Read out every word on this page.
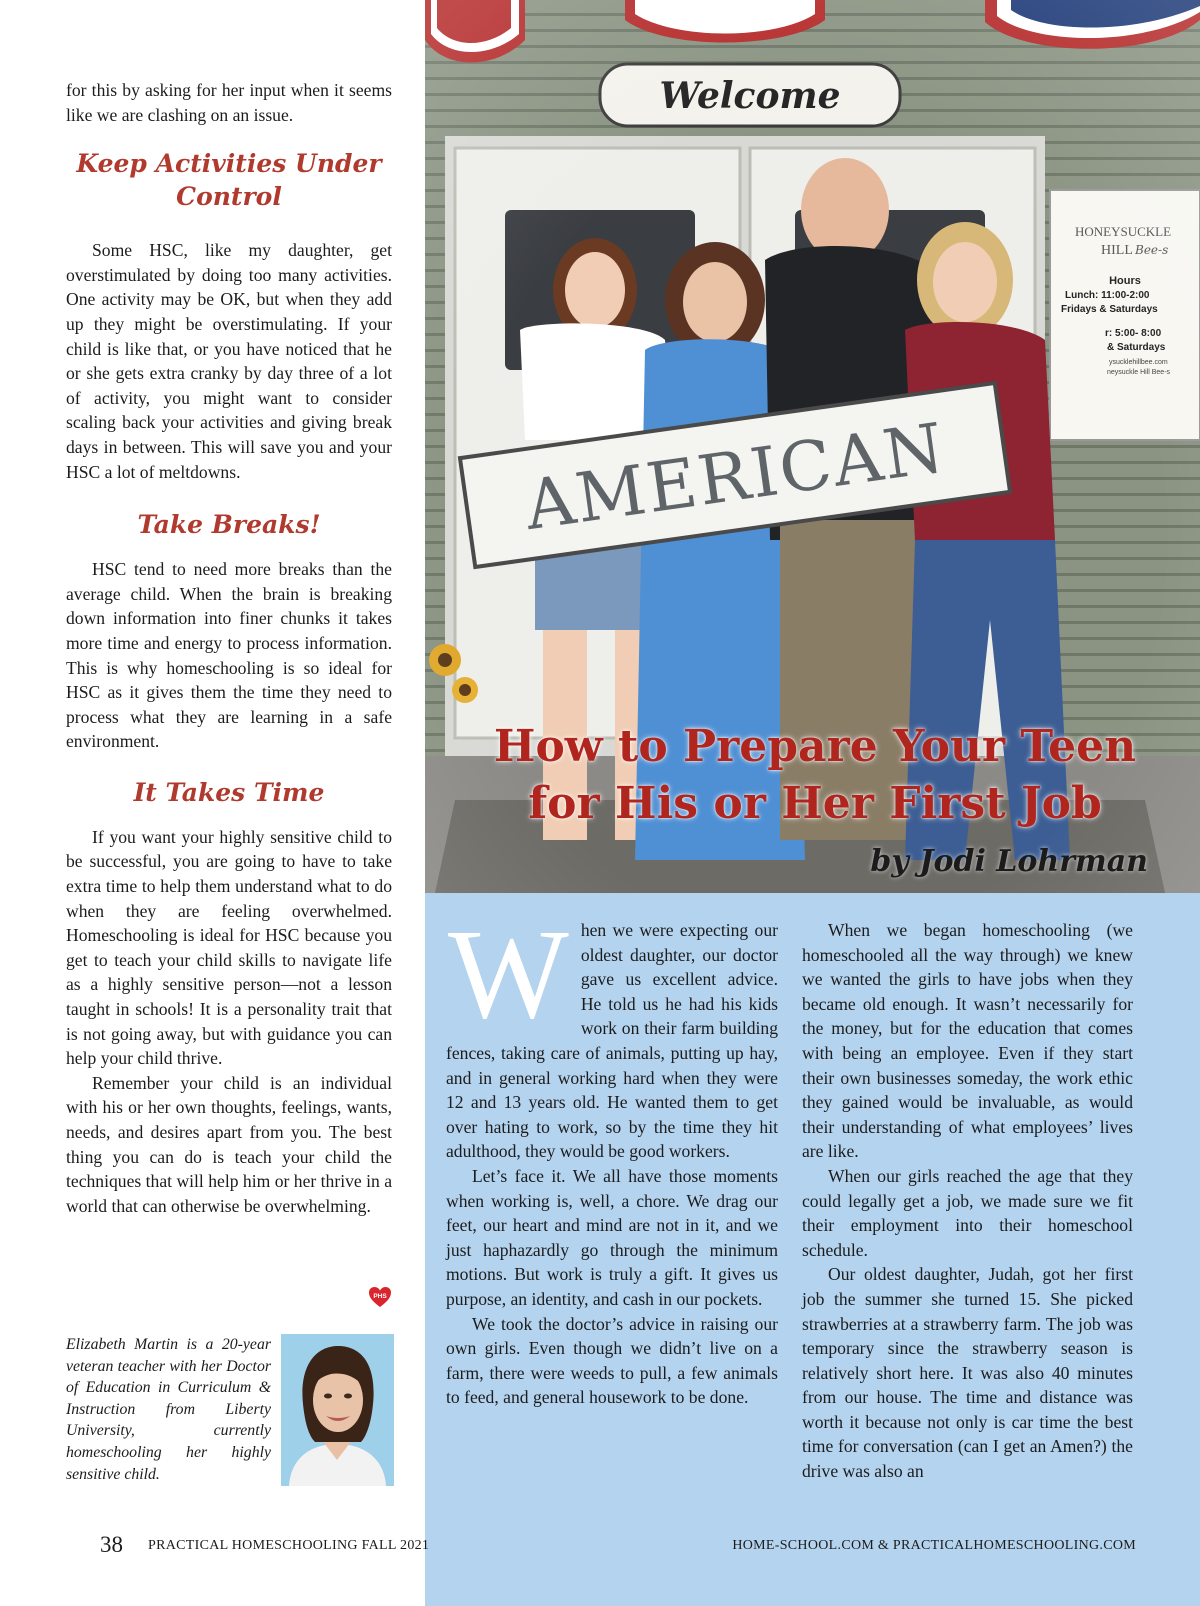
for this by asking for her input when it seems like we are clashing on an issue.

Keep Activities Under Control

Some HSC, like my daughter, get overstimulated by doing too many activities. One activity may be OK, but when they add up they might be overstimulating. If your child is like that, or you have noticed that he or she gets extra cranky by day three of a lot of activity, you might want to consider scaling back your activities and giving break days in between. This will save you and your HSC a lot of meltdowns.

Take Breaks!

HSC tend to need more breaks than the average child. When the brain is breaking down information into finer chunks it takes more time and energy to process information. This is why homeschooling is so ideal for HSC as it gives them the time they need to process what they are learning in a safe environment.

It Takes Time

If you want your highly sensitive child to be successful, you are going to have to take extra time to help them understand what to do when they are feeling overwhelmed. Homeschooling is ideal for HSC because you get to teach your child skills to navigate life as a highly sensitive person—not a lesson taught in schools! It is a personality trait that is not going away, but with guidance you can help your child thrive.

Remember your child is an individual with his or her own thoughts, feelings, wants, needs, and desires apart from you. The best thing you can do is teach your child the techniques that will help him or her thrive in a world that can otherwise be overwhelming.

PHS

Elizabeth Martin is a 20-year veteran teacher with her Doctor of Education in Curriculum & Instruction from Liberty University, currently homeschooling her highly sensitive child.

How to Prepare Your Teen
for His or Her First Job

by Jodi Lohrman

When we were expecting our oldest daughter, our doctor gave us excellent advice. He told us he had his kids work on their farm building fences, taking care of animals, putting up hay, and in general working hard when they were 12 and 13 years old. He wanted them to get over hating to work, so by the time they hit adulthood, they would be good workers.

Let’s face it. We all have those moments when working is, well, a chore. We drag our feet, our heart and mind are not in it, and we just haphazardly go through the minimum motions. But work is truly a gift. It gives us purpose, an identity, and cash in our pockets.

We took the doctor’s advice in raising our own girls. Even though we didn’t live on a farm, there were weeds to pull, a few animals to feed, and general housework to be done.

When we began homeschooling (we homeschooled all the way through) we knew we wanted the girls to have jobs when they became old enough. It wasn’t necessarily for the money, but for the education that comes with being an employee. Even if they start their own businesses someday, the work ethic they gained would be invaluable, as would their understanding of what employees’ lives are like.

When our girls reached the age that they could legally get a job, we made sure we fit their employment into their homeschool schedule.

Our oldest daughter, Judah, got her first job the summer she turned 15. She picked strawberries at a strawberry farm. The job was temporary since the strawberry season is relatively short here. It was also 40 minutes from our house. The time and distance was worth it because not only is car time the best time for conversation (can I get an Amen?) the drive was also an

38 PRACTICAL HOMESCHOOLING FALL 2021	HOME-SCHOOL.COM & PRACTICALHOMESCHOOLING.COM
